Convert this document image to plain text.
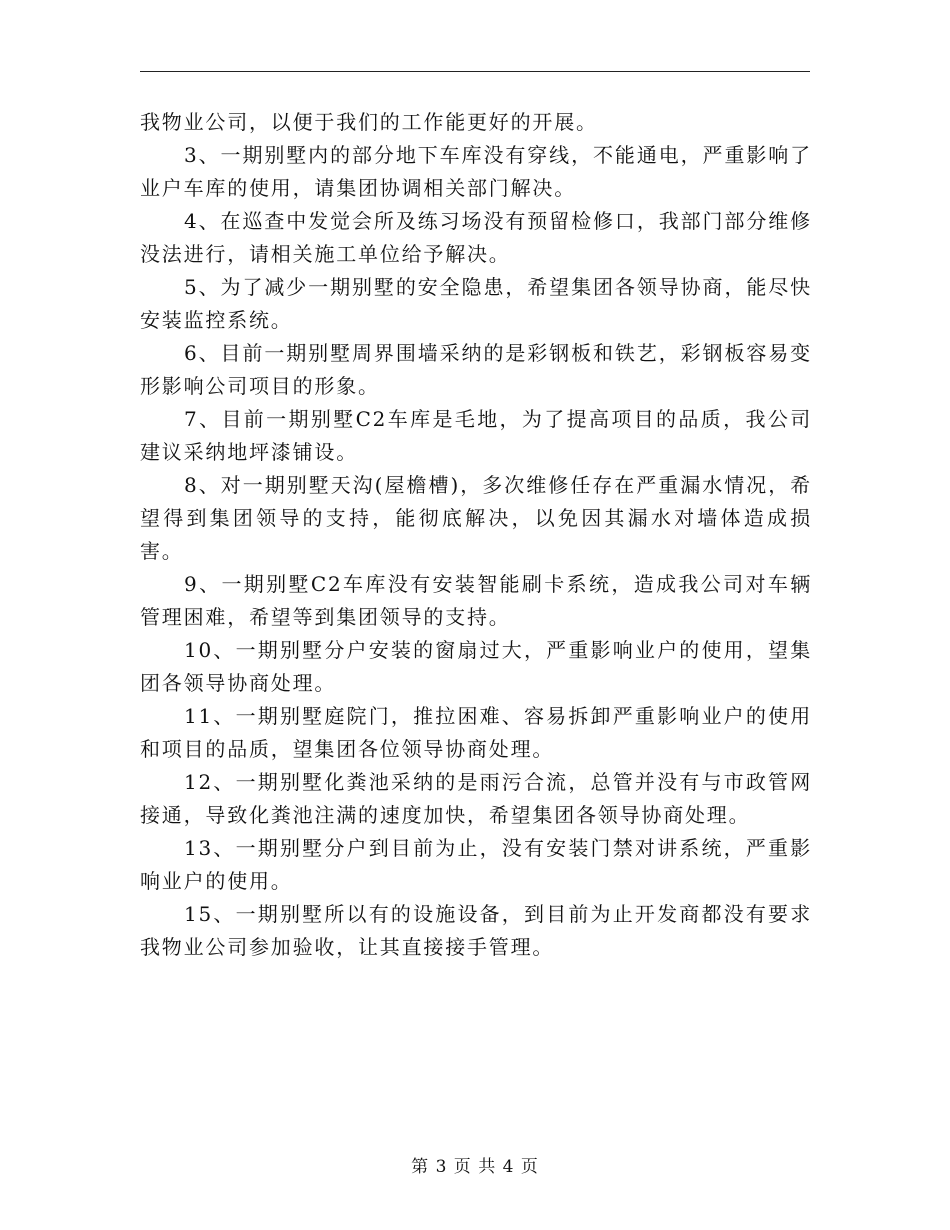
我物业公司，以便于我们的工作能更好的开展。

3、一期别墅内的部分地下车库没有穿线，不能通电，严重影响了业户车库的使用，请集团协调相关部门解决。

4、在巡查中发觉会所及练习场没有预留检修口，我部门部分维修没法进行，请相关施工单位给予解决。

5、为了减少一期别墅的安全隐患，希望集团各领导协商，能尽快安装监控系统。

6、目前一期别墅周界围墙采纳的是彩钢板和铁艺，彩钢板容易变形影响公司项目的形象。

7、目前一期别墅C2车库是毛地，为了提高项目的品质，我公司建议采纳地坪漆铺设。

8、对一期别墅天沟(屋檐槽)，多次维修任存在严重漏水情况，希望得到集团领导的支持，能彻底解决，以免因其漏水对墙体造成损害。

9、一期别墅C2车库没有安装智能刷卡系统，造成我公司对车辆管理困难，希望等到集团领导的支持。

10、一期别墅分户安装的窗扇过大，严重影响业户的使用，望集团各领导协商处理。

11、一期别墅庭院门，推拉困难、容易拆卸严重影响业户的使用和项目的品质，望集团各位领导协商处理。

12、一期别墅化粪池采纳的是雨污合流，总管并没有与市政管网接通，导致化粪池注满的速度加快，希望集团各领导协商处理。

13、一期别墅分户到目前为止，没有安装门禁对讲系统，严重影响业户的使用。

15、一期别墅所以有的设施设备，到目前为止开发商都没有要求我物业公司参加验收，让其直接接手管理。

第 3 页 共 4 页
